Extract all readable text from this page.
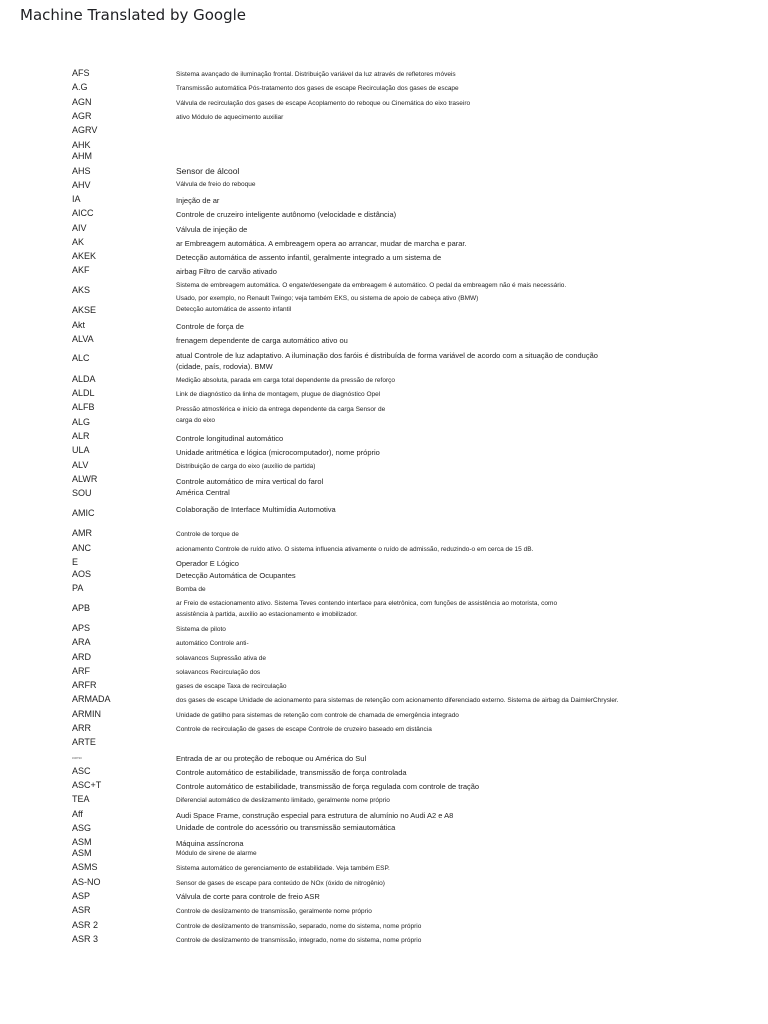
Machine Translated by Google
AFS
A.G
AGN
AGR
AGRV
AHK
AHM
AHS
AHV
IA
AICC
AIV
AK
AKEK
AKF
AKS
AKSE
Akt
ALVA
ALC
ALDA
ALDL
ALFB
ALG
ALR
ULA
ALV
ALWR
SOU
AMIC
AMR
ANC
E
AOS
PA
APB
APS
ARA
ARD
ARF
ARFR
ARMADA
ARMIN
ARR
ARTE
como
ASC
ASC+T
TEA
Aff
ASG
ASM
ASM
ASMS
AS-NO
ASP
ASR
ASR 2
ASR 3
Sistema avançado de iluminação frontal. Distribuição variável da luz através de refletores móveis
Transmissão automática Pós-tratamento dos gases de escape Recirculação dos gases de escape
Válvula de recirculação dos gases de escape Acoplamento do reboque ou Cinemática do eixo traseiro
ativo Módulo de aquecimento auxiliar
Sensor de álcool
Válvula de freio do reboque
Injeção de ar
Controle de cruzeiro inteligente autônomo (velocidade e distância)
Válvula de injeção de
ar Embreagem automática. A embreagem opera ao arrancar, mudar de marcha e parar.
Detecção automática de assento infantil, geralmente integrado a um sistema de
airbag Filtro de carvão ativado
Sistema de embreagem automática. O engate/desengate da embreagem é automático. O pedal da embreagem não é mais necessário.
Usado, por exemplo, no Renault Twingo; veja também EKS, ou sistema de apoio de cabeça ativo (BMW)
Detecção automática de assento infantil
Controle de força de
frenagem dependente de carga automático ativo ou
atual Controle de luz adaptativo. A iluminação dos faróis é distribuída de forma variável de acordo com a situação de condução
(cidade, país, rodovia). BMW
Medição absoluta, parada em carga total dependente da pressão de reforço
Link de diagnóstico da linha de montagem, plugue de diagnóstico Opel
Pressão atmosférica e início da entrega dependente da carga Sensor de
carga do eixo
Controle longitudinal automático
Unidade aritmética e lógica (microcomputador), nome próprio
Distribuição de carga do eixo (auxílio de partida)
Controle automático de mira vertical do farol
América Central
Colaboração de Interface Multimídia Automotiva
Controle de torque de
acionamento Controle de ruído ativo. O sistema influencia ativamente o ruído de admissão, reduzindo-o em cerca de 15 dB.
Operador E Lógico
Detecção Automática de Ocupantes
Bomba de
ar Freio de estacionamento ativo. Sistema Teves contendo interface para eletrônica, com funções de assistência ao motorista, como
assistência à partida, auxílio ao estacionamento e imobilizador.
Sistema de piloto
automático Controle anti-
solavancos Supressão ativa de
solavancos Recirculação dos
gases de escape Taxa de recirculação
dos gases de escape Unidade de acionamento para sistemas de retenção com acionamento diferenciado externo. Sistema de airbag da DaimlerChrysler.
Unidade de gatilho para sistemas de retenção com controle de chamada de emergência integrado
Controle de recirculação de gases de escape Controle de cruzeiro baseado em distância
Entrada de ar ou proteção de reboque ou América do Sul
Controle automático de estabilidade, transmissão de força controlada
Controle automático de estabilidade, transmissão de força regulada com controle de tração
Diferencial automático de deslizamento limitado, geralmente nome próprio
Audi Space Frame, construção especial para estrutura de alumínio no Audi A2 e A8
Unidade de controle do acessório ou transmissão semiautomática
Máquina assíncrona
Módulo de sirene de alarme
Sistema automático de gerenciamento de estabilidade. Veja também ESP.
Sensor de gases de escape para conteúdo de NOx (óxido de nitrogênio)
Válvula de corte para controle de freio ASR
Controle de deslizamento de transmissão, geralmente nome próprio
Controle de deslizamento de transmissão, separado, nome do sistema, nome próprio
Controle de deslizamento de transmissão, integrado, nome do sistema, nome próprio
